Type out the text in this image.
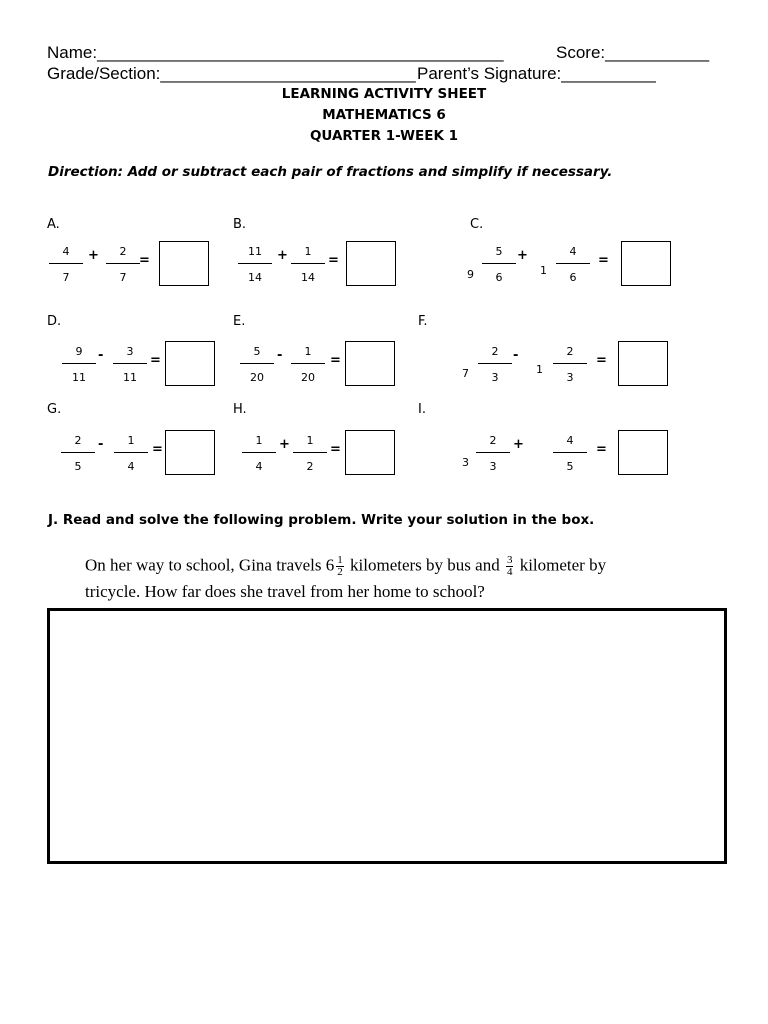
Name:___________________________________________	Score:___________
Grade/Section:___________________________ Parent’s Signature:__________
LEARNING ACTIVITY SHEET
MATHEMATICS 6
QUARTER 1-WEEK 1
Direction: Add or subtract each pair of fractions and simplify if necessary.
A.
4
7
+	2
7
=
B.
11
14
+	1
14
=
C.
9
5
6
+
1
4
6
=
D.
9
11
-	3
11
=
E.
5
20
-	1
20
=
F.
7
2
3
-
1
2
3
=
G.
2
5
-	1
4
=
H.
1
4
+	1
2
=
I.
3
2
3
+	4
5
=
J. Read and solve the following problem. Write your solution in the box.
On her way to school, Gina travels $6 \frac{1}{2}$ kilometers by bus and $\frac{3}{4}$ kilometer by
tricycle. How far does she travel from her home to school?
